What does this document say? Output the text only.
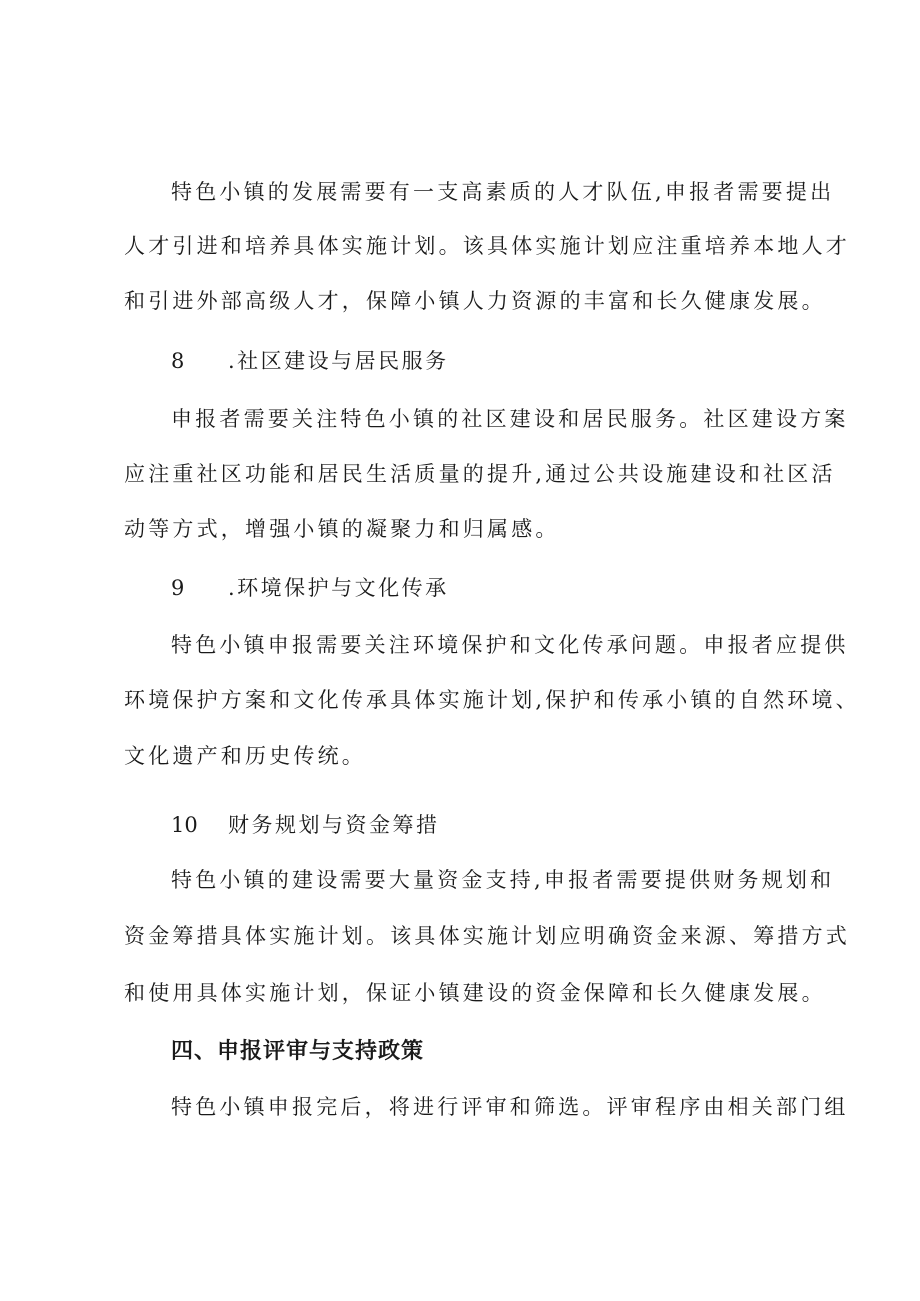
特色小镇的发展需要有一支高素质的人才队伍,申报者需要提出
人才引进和培养具体实施计划。该具体实施计划应注重培养本地人才
和引进外部高级人才，保障小镇人力资源的丰富和长久健康发展。
8 .社区建设与居民服务
申报者需要关注特色小镇的社区建设和居民服务。社区建设方案
应注重社区功能和居民生活质量的提升,通过公共设施建设和社区活
动等方式，增强小镇的凝聚力和归属感。
9 .环境保护与文化传承
特色小镇申报需要关注环境保护和文化传承问题。申报者应提供
环境保护方案和文化传承具体实施计划,保护和传承小镇的自然环境、
文化遗产和历史传统。
10 财务规划与资金筹措
特色小镇的建设需要大量资金支持,申报者需要提供财务规划和
资金筹措具体实施计划。该具体实施计划应明确资金来源、筹措方式
和使用具体实施计划，保证小镇建设的资金保障和长久健康发展。
四、申报评审与支持政策
特色小镇申报完后，将进行评审和筛选。评审程序由相关部门组
